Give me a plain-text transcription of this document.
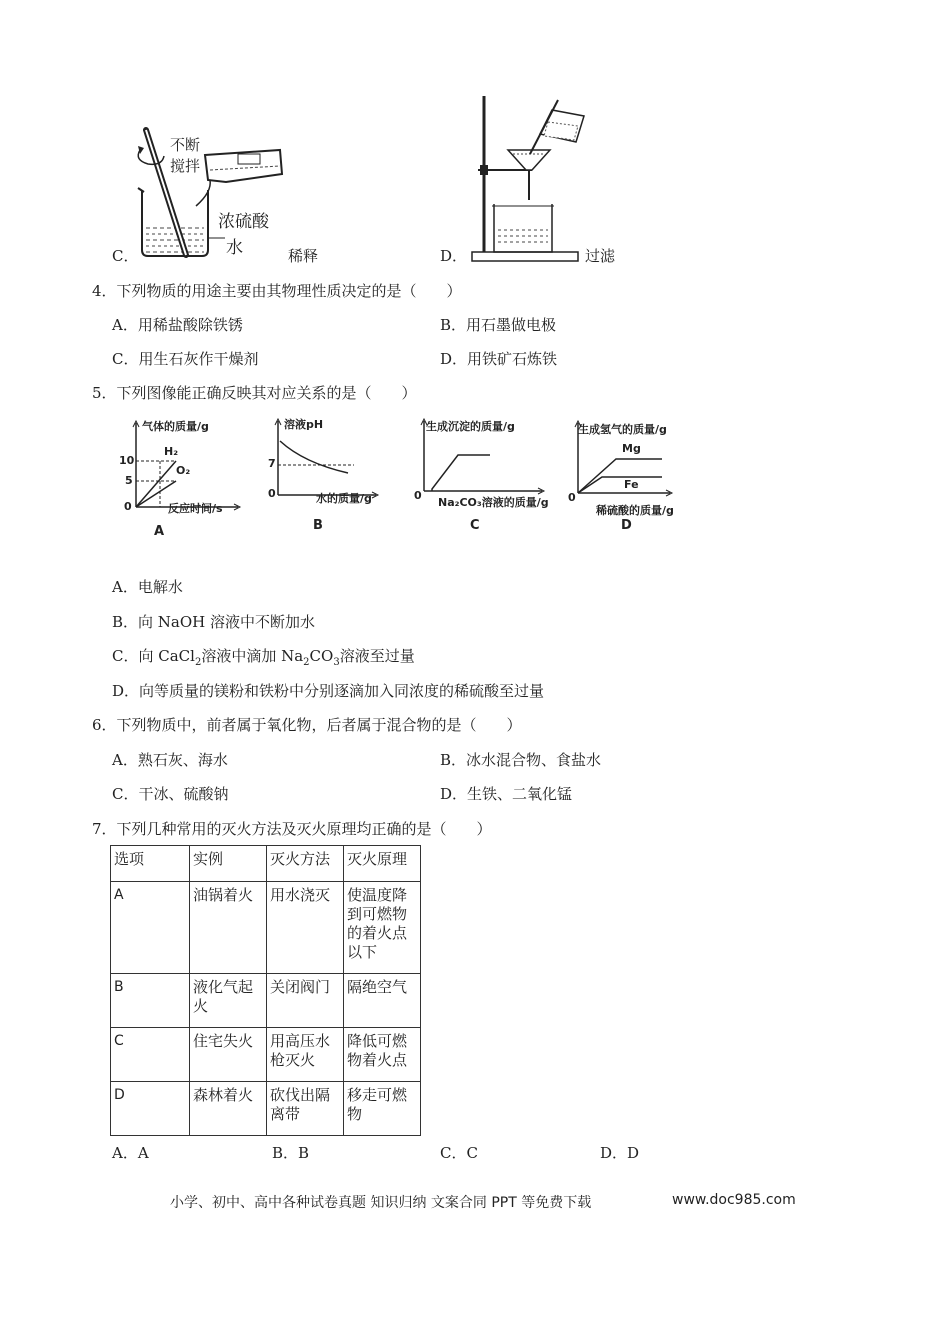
不断
搅拌
浓硫酸
水
C．	稀释	D．	过滤
4．下列物质的用途主要由其物理性质决定的是（　　）
A．用稀盐酸除铁锈	B．用石墨做电极
C．用生石灰作干燥剂	D．用铁矿石炼铁
5．下列图像能正确反映其对应关系的是（　　）
气体的质量/g
10
5
0
H₂
O₂
反应时间/s
A
溶液pH
7
0	水的质量/g
B
生成沉淀的质量/g
0
Na₂CO₃溶液的质量/g
C
生成氢气的质量/g
Mg
Fe
0
稀硫酸的质量/g
D
A．电解水
B．向 NaOH 溶液中不断加水
C．向 CaCl$_2$溶液中滴加 $Na_2CO_3$溶液至过量
D．向等质量的镁粉和铁粉中分别逐滴加入同浓度的稀硫酸至过量
6．下列物质中，前者属于氧化物，后者属于混合物的是（　　）
A．熟石灰、海水	B．冰水混合物、食盐水
C．干冰、硫酸钠	D．生铁、二氧化锰
7．下列几种常用的灭火方法及灭火原理均正确的是（　　）
选项	实例	灭火方法	灭火原理
A	油锅着火	用水浇灭	使温度降到可燃物的着火点以下
B	液化气起火	关闭阀门	隔绝空气
C	住宅失火	用高压水枪灭火	降低可燃物着火点
D	森林着火	砍伐出隔离带	移走可燃物
A．A	B．B	C．C	D．D
小学、初中、高中各种试卷真题 知识归纳 文案合同 PPT 等免费下载	www.doc985.com
